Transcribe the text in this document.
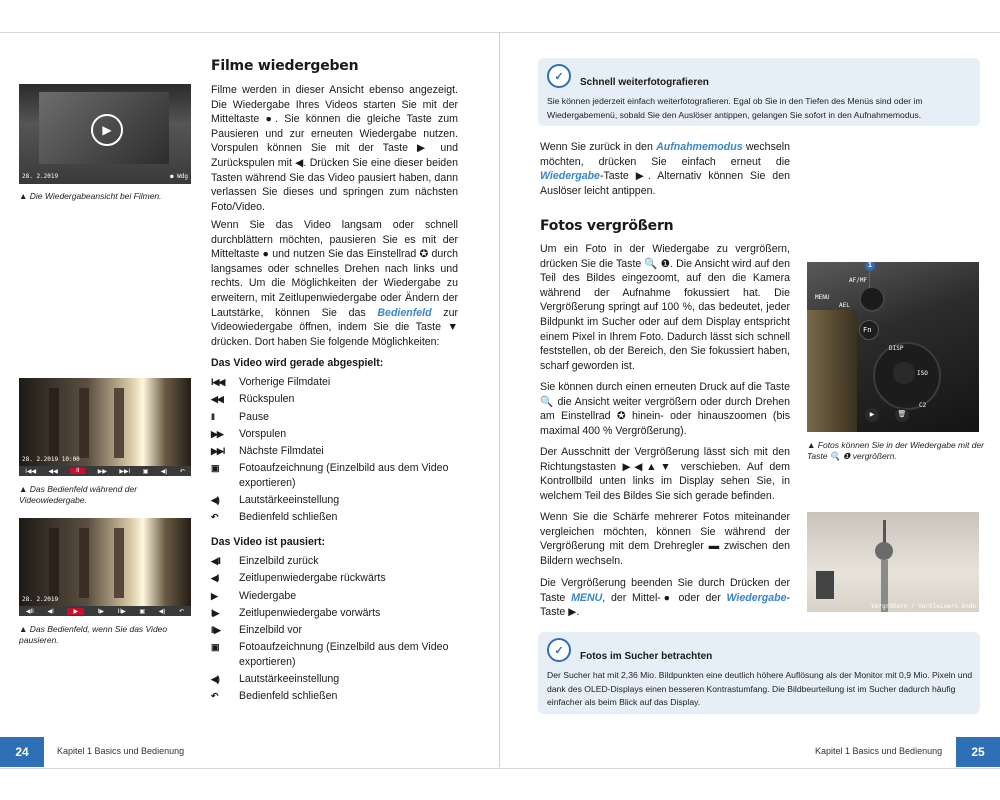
▶
28. 2.2019	● Wdg
▲ Die Wiedergabeansicht bei Filmen.
28. 2.2019 10:00
I◀◀ ◀◀	II	▶▶ ▶▶I ▣ ◀) ↶
▲ Das Bedienfeld während der Videowiedergabe.
28. 2.2019
◀II ◀I	▶	I▶ II▶ ▣ ◀) ↶
▲ Das Bedienfeld, wenn Sie das Video pausieren.
Filme wiedergeben

Filme werden in dieser Ansicht ebenso angezeigt. Die Wiedergabe Ihres Videos starten Sie mit der Mitteltaste ●. Sie können die gleiche Taste zum Pausieren und zur erneuten Wiedergabe nutzen. Vorspulen können Sie mit der Taste ▶ und Zurückspulen mit ◀. Drücken Sie eine dieser beiden Tasten während Sie das Video pausiert haben, dann verlassen Sie dieses und springen zum nächsten Foto/Video.

Wenn Sie das Video langsam oder schnell durchblättern möchten, pausieren Sie es mit der Mitteltaste ● und nutzen Sie das Einstellrad ✪ durch langsames oder schnelles Drehen nach links und rechts. Um die Möglichkeiten der Wiedergabe zu erweitern, mit Zeitlupenwiedergabe oder Ändern der Lautstärke, können Sie das Bedienfeld zur Videowiedergabe öffnen, indem Sie die Taste ▼ drücken. Dort haben Sie folgende Möglichkeiten:

Das Video wird gerade abgespielt:
I◀◀	Vorherige Filmdatei
◀◀	Rückspulen
II	Pause
▶▶	Vorspulen
▶▶I	Nächste Filmdatei
▣	Fotoaufzeichnung (Einzelbild aus dem Video exportieren)
◀)	Lautstärkeeinstellung
↶	Bedienfeld schließen
Das Video ist pausiert:
◀II	Einzelbild zurück
◀I	Zeitlupenwiedergabe rückwärts
▶	Wiedergabe
I▶	Zeitlupenwiedergabe vorwärts
II▶	Einzelbild vor
▣	Fotoaufzeichnung (Einzelbild aus dem Video exportieren)
◀)	Lautstärkeeinstellung
↶	Bedienfeld schließen
24	Kapitel 1 Basics und Bedienung
✓	Schnell weiterfotografieren

Sie können jederzeit einfach weiterfotografieren. Egal ob Sie in den Tiefen des Menüs sind oder im Wiedergabemenü, sobald Sie den Auslöser antippen, gelangen Sie sofort in den Aufnahmemodus.

Wenn Sie zurück in den Aufnahmemodus wechseln möchten, drücken Sie einfach erneut die Wiedergabe-Taste ▶. Alternativ können Sie den Auslöser leicht antippen.

Fotos vergrößern

Um ein Foto in der Wiedergabe zu vergrößern, drücken Sie die Taste 🔍 ❶. Die Ansicht wird auf den Teil des Bildes eingezoomt, auf den die Kamera während der Aufnahme fokussiert hat. Die Vergrößerung springt auf 100 %, das bedeutet, jeder Bildpunkt im Sucher oder auf dem Display entspricht einem Pixel in Ihrem Foto. Dadurch lässt sich schnell feststellen, ob der Bereich, den Sie fokussiert haben, scharf geworden ist.

Sie können durch einen erneuten Druck auf die Taste 🔍 die Ansicht weiter vergrößern oder durch Drehen am Einstellrad ✪ hinein- oder hinauszoomen (bis maximal 400 % Vergrößerung).

Der Ausschnitt der Vergrößerung lässt sich mit den Richtungstasten ▶◀▲▼ verschieben. Auf dem Kontrollbild unten links im Display sehen Sie, in welchem Teil des Bildes Sie sich gerade befinden.

Wenn Sie die Schärfe mehrerer Fotos miteinander vergleichen möchten, können Sie während der Vergrößerung mit dem Drehregler ▬ zwischen den Bildern wechseln.

Die Vergrößerung beenden Sie durch Drücken der Taste MENU, der Mittel-● oder der Wiedergabe-Taste ▶.

AF/MF
MENU
AEL
Fn
DISP
ISO
C2
🗑
▶
1
▲ Fotos können Sie in der Wiedergabe mit der Taste 🔍 ❶ vergrößern.
Vergrößern / Verkleinern Ende
✓	Fotos im Sucher betrachten

Der Sucher hat mit 2,36 Mio. Bildpunkten eine deutlich höhere Auflösung als der Monitor mit 0,9 Mio. Pixeln und dank des OLED-Displays einen besseren Kontrastumfang. Die Bildbeurteilung ist im Sucher dadurch häufig einfacher als beim Blick auf das Display.

Kapitel 1 Basics und Bedienung	25
